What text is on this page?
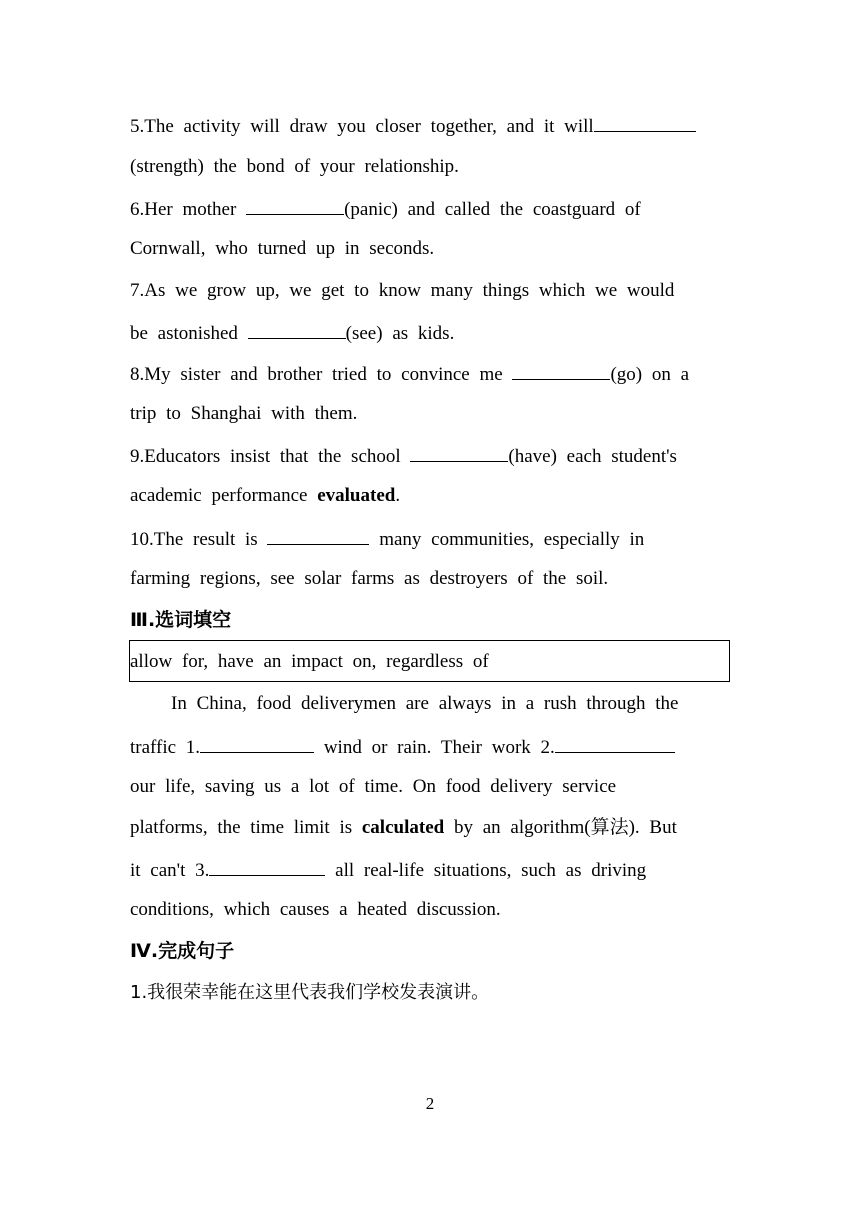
5.The activity will draw you closer together, and it will
(strength) the bond of your relationship.
6.Her mother
	(panic) and called the coastguard of
Cornwall, who turned up in seconds.
7.As we grow up, we get to know many things which we would
be astonished
	(see) as kids.
8.My sister and brother tried to convince me
	(go) on a
trip to Shanghai with them.
9.Educators insist that the school
	(have) each student's
academic performance
evaluated .
10.The result is

	many communities, especially in
farming regions, see solar farms as destroyers of the soil.
Ⅲ.选词填空
allow for, have an impact on, regardless of
In China, food deliverymen are always in a rush through the
traffic 1.
	wind or rain. Their work 2.
our life, saving us a lot of time. On food delivery service
platforms, the time limit is
calculated
by an algorithm(算法). But
it can't 3.
	all real-life situations, such as driving
conditions, which causes a heated discussion.
Ⅳ.完成句子
1.我很荣幸能在这里代表我们学校发表演讲。
2
